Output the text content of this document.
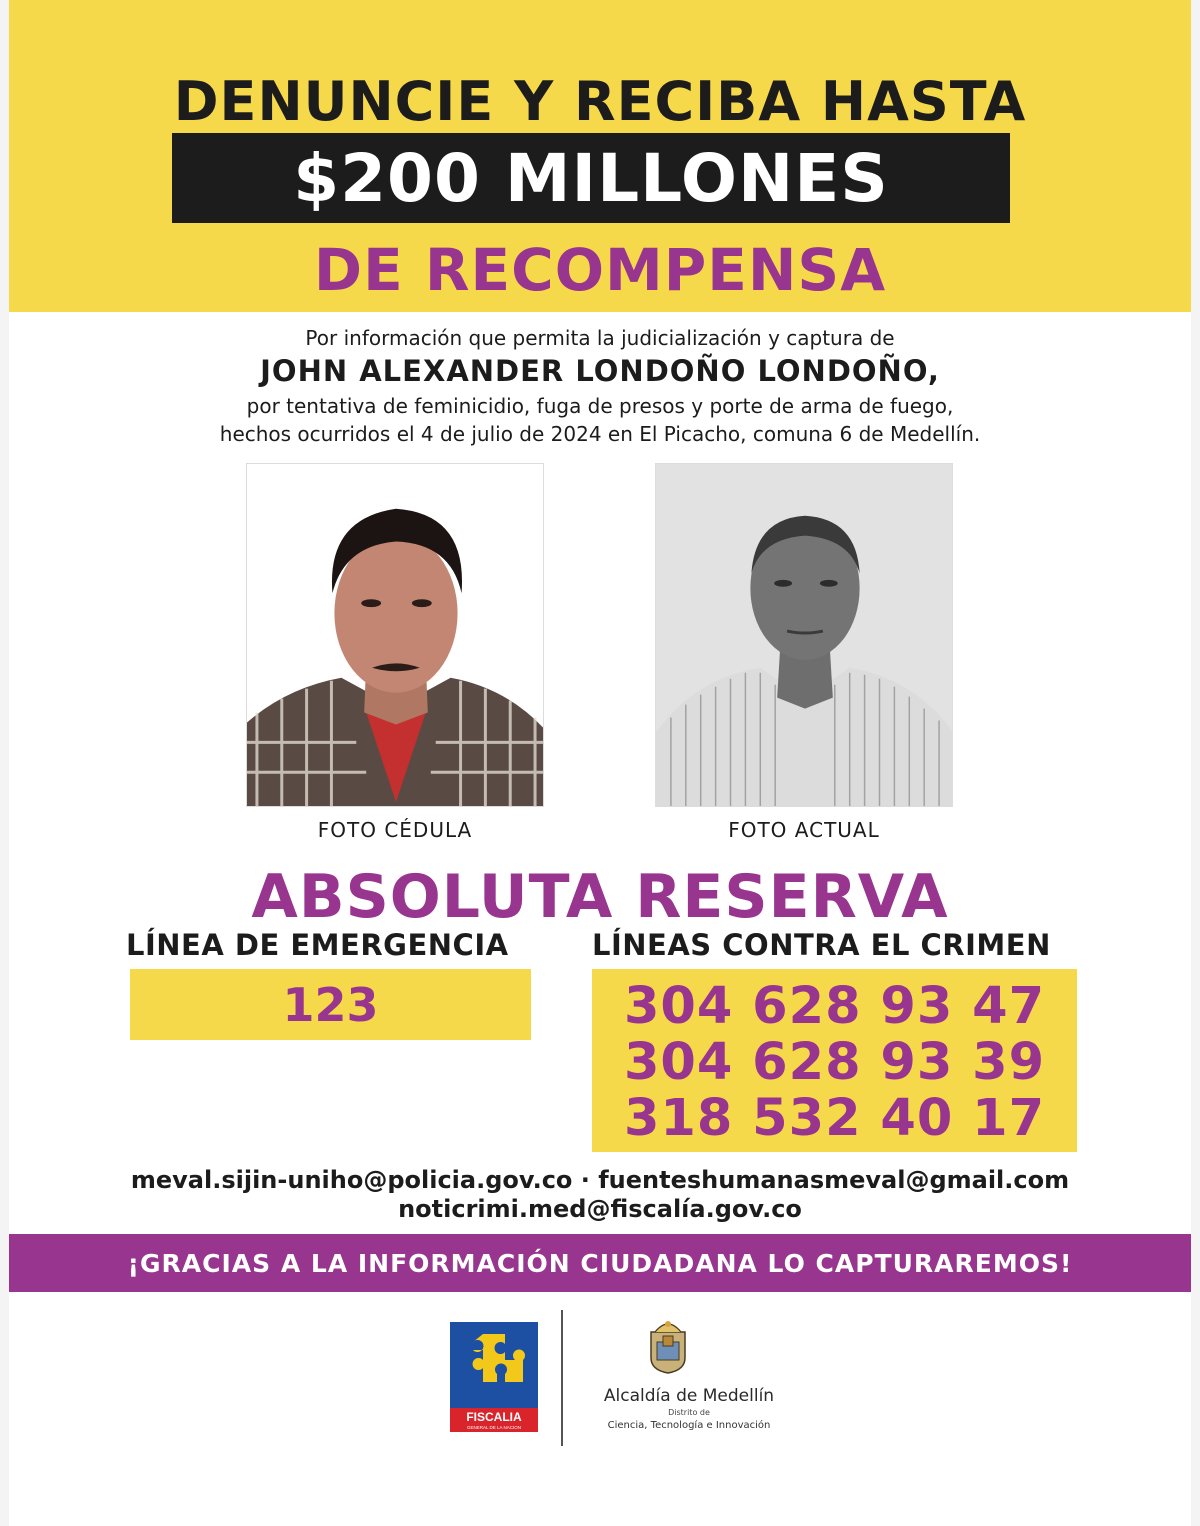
DENUNCIE Y RECIBA HASTA
$200 MILLONES
DE RECOMPENSA
Por información que permita la judicialización y captura de
JOHN ALEXANDER LONDOÑO LONDOÑO,
por tentativa de feminicidio, fuga de presos y porte de arma de fuego,
hechos ocurridos el 4 de julio de 2024 en El Picacho, comuna 6 de Medellín.
FOTO CÉDULA	FOTO ACTUAL
ABSOLUTA RESERVA
LÍNEA DE EMERGENCIA	LÍNEAS CONTRA EL CRIMEN
123	304 628 93 47
304 628 93 39
318 532 40 17
meval.sijin-uniho@policia.gov.co · fuenteshumanasmeval@gmail.com
noticrimi.med@fiscalía.gov.co
¡GRACIAS A LA INFORMACIÓN CIUDADANA LO CAPTURAREMOS!
FISCALIA
GENERAL DE LA NACION
Alcaldía de Medellín
Distrito de
Ciencia, Tecnología e Innovación
